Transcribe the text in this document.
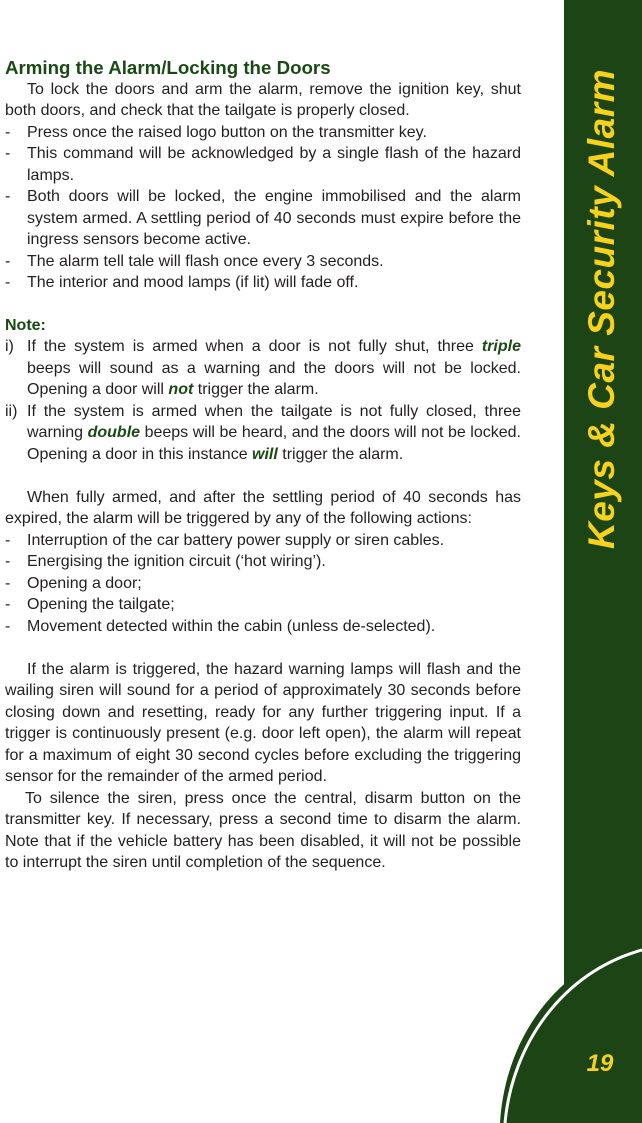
Arming the Alarm/Locking the Doors

To lock the doors and arm the alarm, remove the ignition key, shut both doors, and check that the tailgate is properly closed.

- Press once the raised logo button on the transmitter key.
- This command will be acknowledged by a single flash of the hazard lamps.
- Both doors will be locked, the engine immobilised and the alarm system armed. A settling period of 40 seconds must expire before the ingress sensors become active.
- The alarm tell tale will flash once every 3 seconds.
- The interior and mood lamps (if lit) will fade off.
Note:
i) If the system is armed when a door is not fully shut, three triple beeps will sound as a warning and the doors will not be locked. Opening a door will not trigger the alarm.
ii) If the system is armed when the tailgate is not fully closed, three warning double beeps will be heard, and the doors will not be locked. Opening a door in this instance will trigger the alarm.

When fully armed, and after the settling period of 40 seconds has expired, the alarm will be triggered by any of the following actions:

- Interruption of the car battery power supply or siren cables.
- Energising the ignition circuit (‘hot wiring’).
- Opening a door;
- Opening the tailgate;
- Movement detected within the cabin (unless de-selected).

If the alarm is triggered, the hazard warning lamps will flash and the wailing siren will sound for a period of approximately 30 seconds before closing down and resetting, ready for any further triggering input. If a trigger is continuously present (e.g. door left open), the alarm will repeat for a maximum of eight 30 second cycles before excluding the triggering sensor for the remainder of the armed period.

To silence the siren, press once the central, disarm button on the transmitter key. If necessary, press a second time to disarm the alarm. Note that if the vehicle battery has been disabled, it will not be possible to interrupt the siren until completion of the sequence.

Keys & Car Security Alarm
19
